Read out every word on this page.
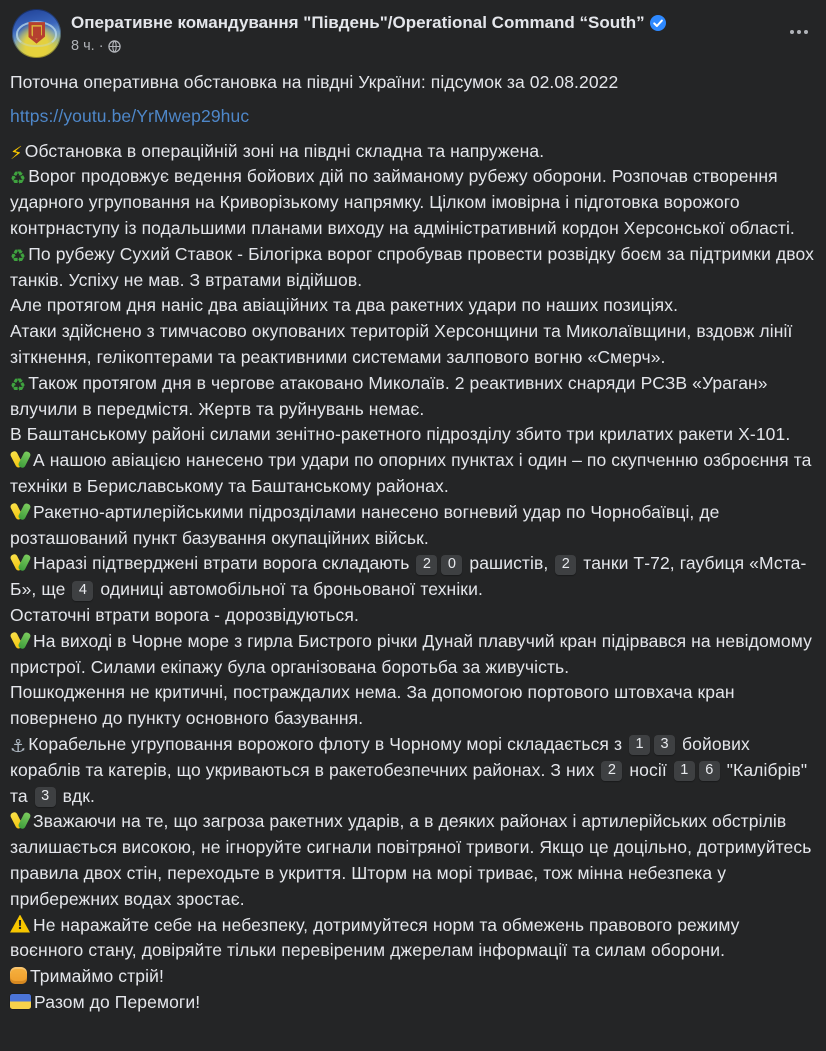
Оперативне командування "Південь"/Operational Command “South”
8 ч. ·

Поточна оперативна обстановка на півдні України: підсумок за 02.08.2022

https://youtu.be/YrMwep29huc

⚡ Обстановка в операційній зоні на півдні складна та напружена.

♻ Ворог продовжує ведення бойових дій по займаному рубежу оборони. Розпочав створення ударного угруповання на Криворізькому напрямку. Цілком імовірна і підготовка ворожого контрнаступу із подальшими планами виходу на адміністративний кордон Херсонської області.

♻ По рубежу Сухий Ставок - Білогірка ворог спробував провести розвідку боєм за підтримки двох танків. Успіху не мав. З втратами відійшов.

Але протягом дня наніс два авіаційних та два ракетних удари по наших позиціях.

Атаки здійснено з тимчасово окупованих територій Херсонщини та Миколаївщини, вздовж лінії зіткнення, гелікоптерами та реактивними системами залпового вогню «Смерч».

♻ Також протягом дня в чергове атаковано Миколаїв. 2 реактивних снаряди РСЗВ «Ураган» влучили в передмістя. Жертв та руйнувань немає.

В Баштанському районі силами зенітно-ракетного підрозділу збито три крилатих ракети Х-101.

А нашою авіацією нанесено три удари по опорних пунктах і один – по скупченню озброєння та техніки в Бериславському та Баштанському районах.

Ракетно-артилерійськими підрозділами нанесено вогневий удар по Чорнобаївці, де розташований пункт базування окупаційних військ.

Наразі підтверджені втрати ворога складають 2 0 рашистів, 2 танки Т-72, гаубиця «Мста-Б», ще 4 одиниці автомобільної та броньованої техніки.

Остаточні втрати ворога - дорозвідуються.

На виході в Чорне море з гирла Бистрого річки Дунай плавучий кран підірвався на невідомому пристрої. Силами екіпажу була організована боротьба за живучість.

Пошкодження не критичні, постраждалих нема. За допомогою портового штовхача кран повернено до пункту основного базування.

⚓ Корабельне угруповання ворожого флоту в Чорному морі складається з 1 3 бойових кораблів та катерів, що укриваються в ракетобезпечних районах. З них 2 носії 1 6 "Калібрів" та 3 вдк.

Зважаючи на те, що загроза ракетних ударів, а в деяких районах і артилерійських обстрілів залишається високою, не ігноруйте сигнали повітряної тривоги. Якщо це доцільно, дотримуйтесь правила двох стін, переходьте в укриття. Шторм на морі триває, тож мінна небезпека у прибережних водах зростає.

!Не наражайте себе на небезпеку, дотримуйтеся норм та обмежень правового режиму воєнного стану, довіряйте тільки перевіреним джерелам інформації та силам оборони.

Тримаймо стрій!

Разом до Перемоги!
